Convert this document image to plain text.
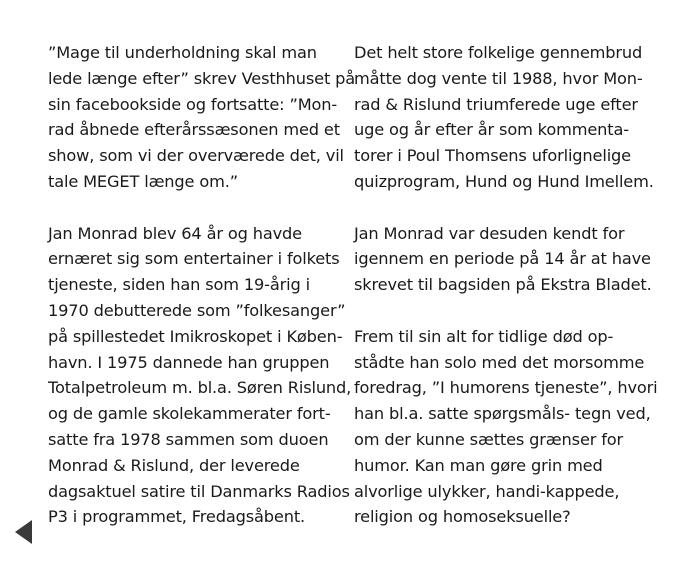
”Mage til underholdning skal man
lede længe efter” skrev Vesthhuset på
sin facebookside og fortsatte: ”Mon-
rad åbnede efterårssæsonen med et
show, som vi der overværede det, vil
tale MEGET længe om.”
Jan Monrad blev 64 år og havde
ernæret sig som entertainer i folkets
tjeneste, siden han som 19-årig i
1970 debutterede som ”folkesanger”
på spillestedet Imikroskopet i Køben-
havn. I 1975 dannede han gruppen
Totalpetroleum m. bl.a. Søren Rislund,
og de gamle skolekammerater fort-
satte fra 1978 sammen som duoen
Monrad & Rislund, der leverede
dagsaktuel satire til Danmarks Radios
P3 i programmet, Fredagsåbent.
Det helt store folkelige gennembrud
måtte dog vente til 1988, hvor Mon-
rad & Rislund triumferede uge efter
uge og år efter år som kommenta-
torer i Poul Thomsens uforlignelige
quizprogram, Hund og Hund Imellem.
Jan Monrad var desuden kendt for
igennem en periode på 14 år at have
skrevet til bagsiden på Ekstra Bladet.
Frem til sin alt for tidlige død op-
stådte han solo med det morsomme
foredrag, ”I humorens tjeneste”, hvori
han bl.a. satte spørgsmåls- tegn ved,
om der kunne sættes grænser for
humor. Kan man gøre grin med
alvorlige ulykker, handi-kappede,
religion og homoseksuelle?
